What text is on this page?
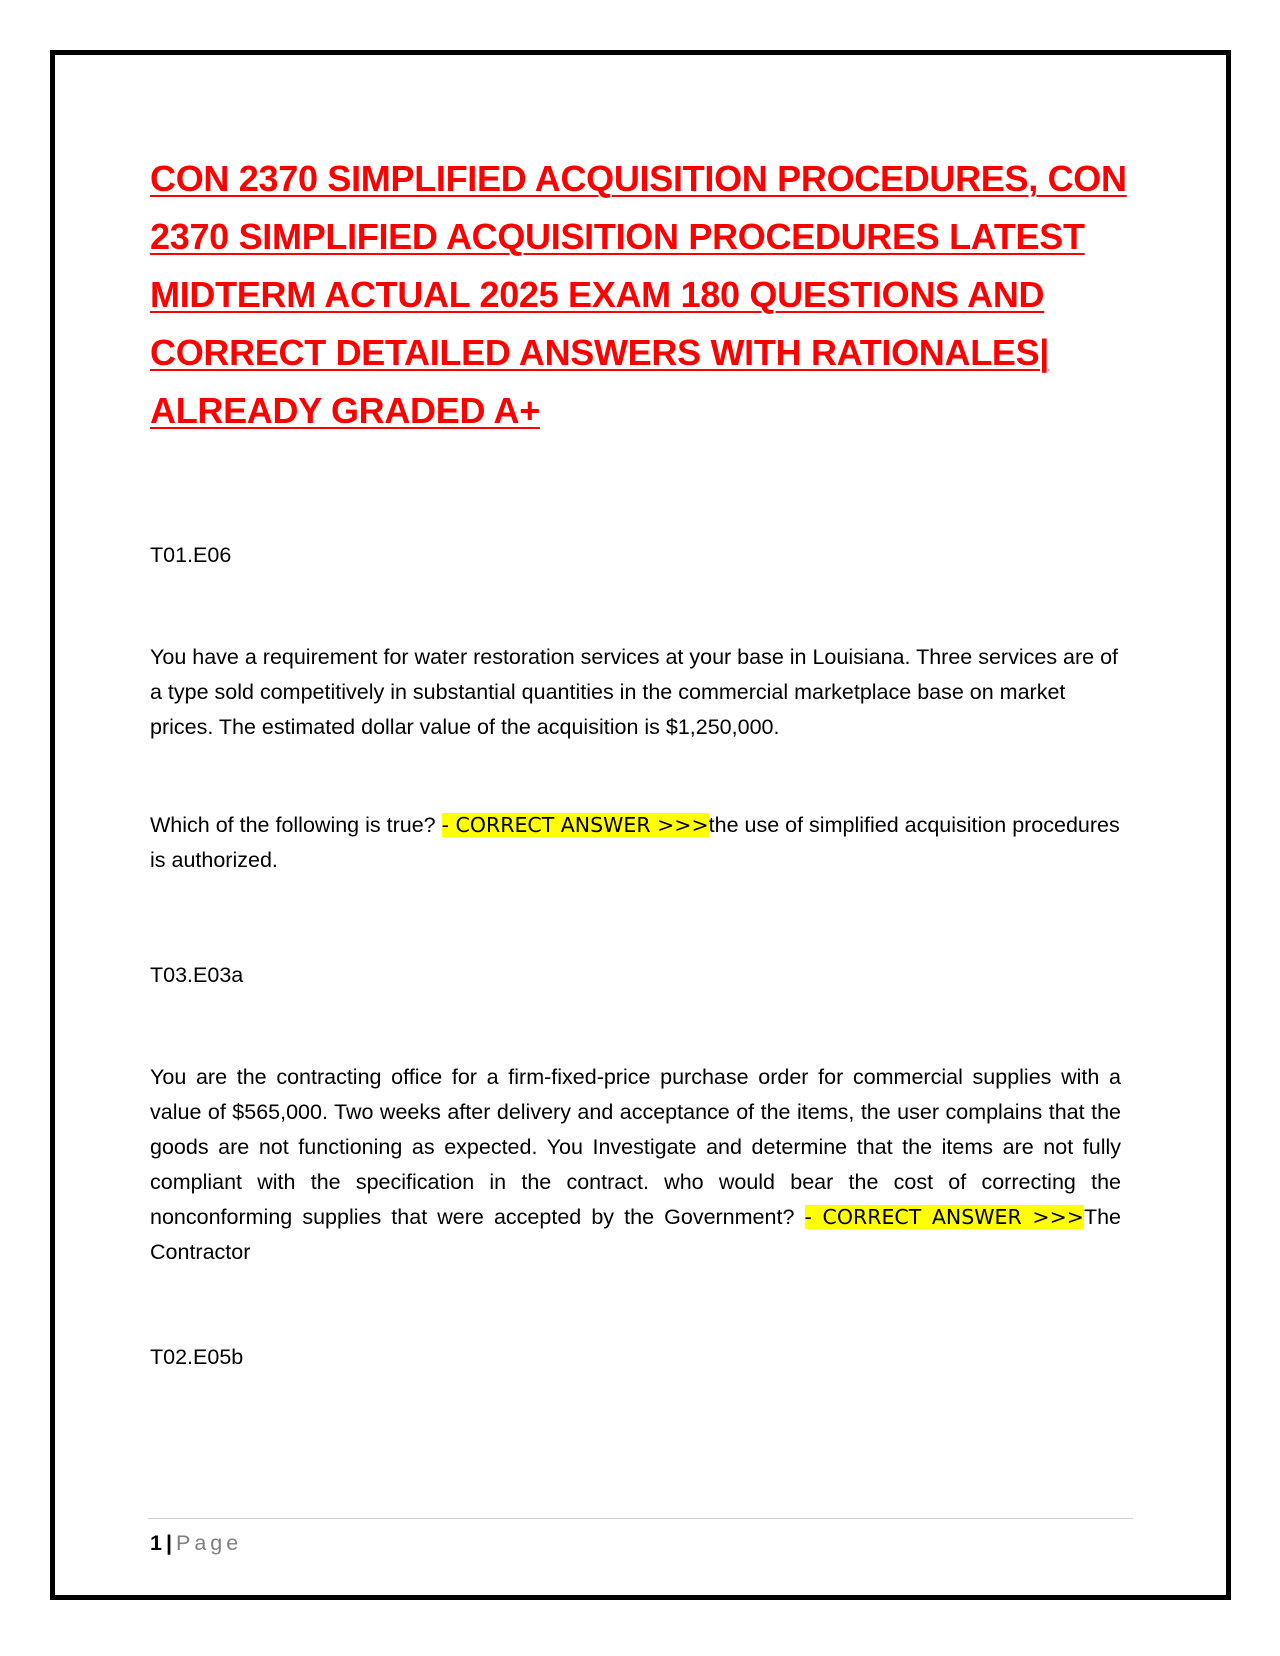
CON 2370 SIMPLIFIED ACQUISITION PROCEDURES, CON
2370 SIMPLIFIED ACQUISITION PROCEDURES LATEST
MIDTERM ACTUAL 2025 EXAM 180 QUESTIONS AND
CORRECT DETAILED ANSWERS WITH RATIONALES|
ALREADY GRADED A+

T01.E06

You have a requirement for water restoration services at your base in Louisiana. Three services are of a type sold competitively in substantial quantities in the commercial marketplace base on market prices. The estimated dollar value of the acquisition is $1,250,000.

Which of the following is true? - CORRECT ANSWER >>>the use of simplified acquisition procedures is authorized.

T03.E03a

You are the contracting office for a firm-fixed-price purchase order for commercial supplies with a value of $565,000. Two weeks after delivery and acceptance of the items, the user complains that the goods are not functioning as expected. You Investigate and determine that the items are not fully compliant with the specification in the contract. who would bear the cost of correcting the nonconforming supplies that were accepted by the Government? - CORRECT ANSWER >>>The Contractor

T02.E05b

1 | Page
